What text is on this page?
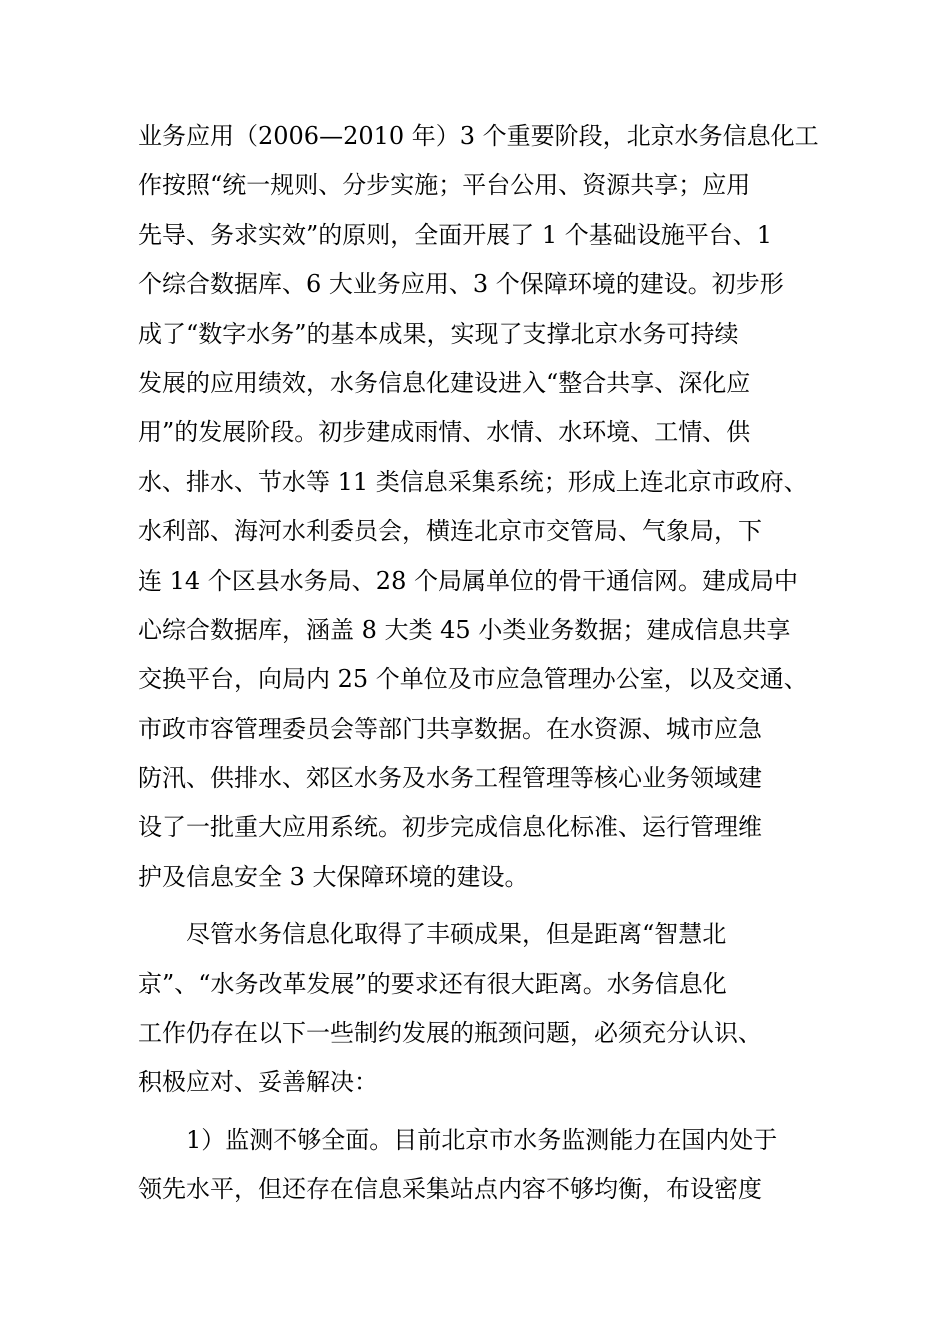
业务应用（2006—2010 年）3 个重要阶段，北京水务信息化工
作按照“统一规则、分步实施；平台公用、资源共享；应用
先导、务求实效”的原则，全面开展了 1 个基础设施平台、1
个综合数据库、6 大业务应用、3 个保障环境的建设。初步形
成了“数字水务”的基本成果，实现了支撑北京水务可持续
发展的应用绩效，水务信息化建设进入“整合共享、深化应
用”的发展阶段。初步建成雨情、水情、水环境、工情、供
水、排水、节水等 11 类信息采集系统；形成上连北京市政府、
水利部、海河水利委员会，横连北京市交管局、气象局，下
连 14 个区县水务局、28 个局属单位的骨干通信网。建成局中
心综合数据库，涵盖 8 大类 45 小类业务数据；建成信息共享
交换平台，向局内 25 个单位及市应急管理办公室，以及交通、
市政市容管理委员会等部门共享数据。在水资源、城市应急
防汛、供排水、郊区水务及水务工程管理等核心业务领域建
设了一批重大应用系统。初步完成信息化标准、运行管理维
护及信息安全 3 大保障环境的建设。
尽管水务信息化取得了丰硕成果，但是距离“智慧北
京”、“水务改革发展”的要求还有很大距离。水务信息化
工作仍存在以下一些制约发展的瓶颈问题，必须充分认识、
积极应对、妥善解决：
1）监测不够全面。目前北京市水务监测能力在国内处于
领先水平，但还存在信息采集站点内容不够均衡，布设密度
